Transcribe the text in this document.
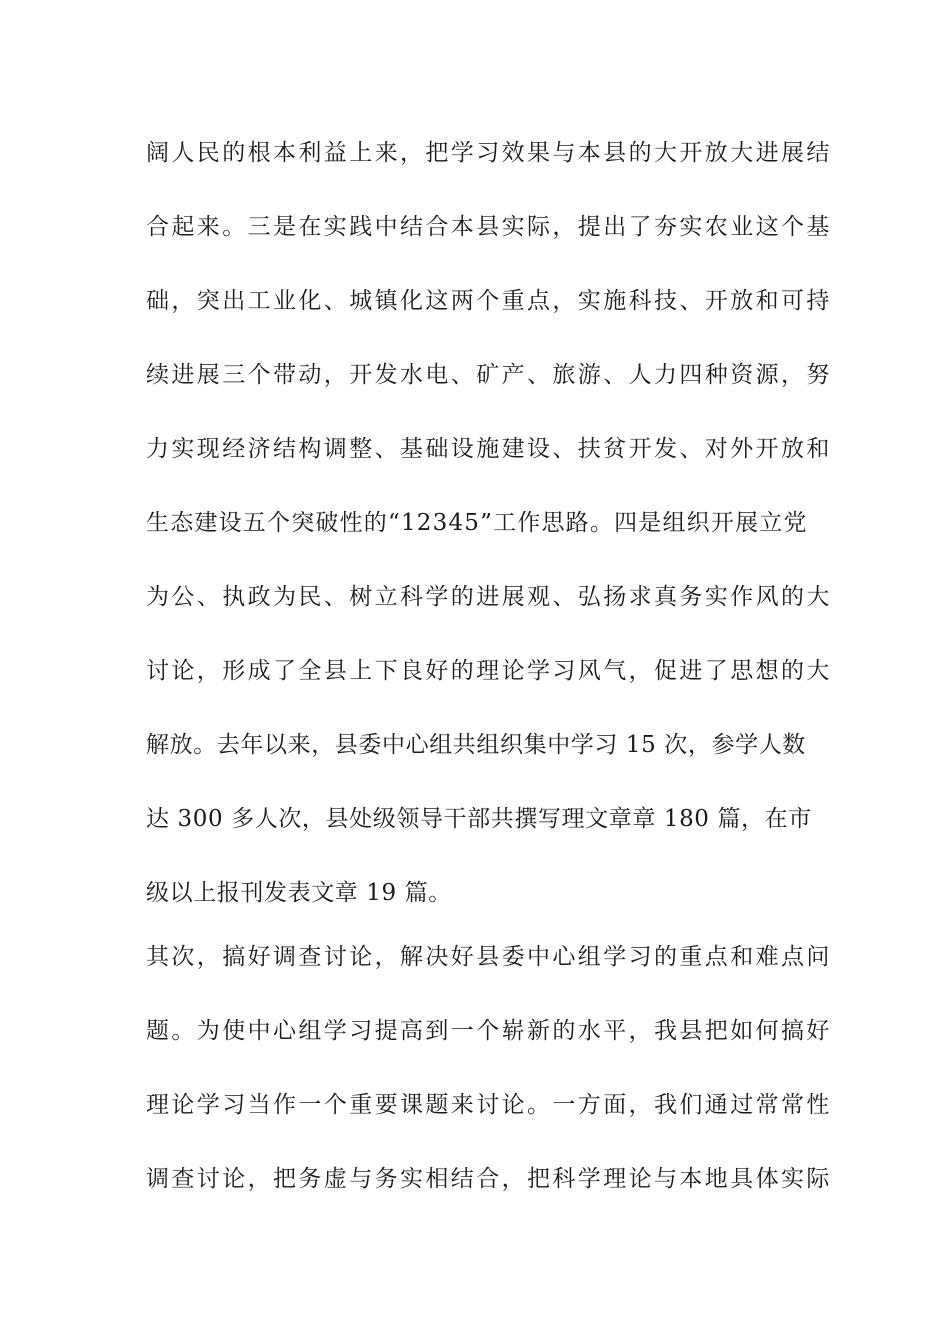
阔人民的根本利益上来，把学习效果与本县的大开放大进展结
合起来。三是在实践中结合本县实际，提出了夯实农业这个基
础，突出工业化、城镇化这两个重点，实施科技、开放和可持
续进展三个带动，开发水电、矿产、旅游、人力四种资源，努
力实现经济结构调整、基础设施建设、扶贫开发、对外开放和
生态建设五个突破性的“12345”工作思路。四是组织开展立党
为公、执政为民、树立科学的进展观、弘扬求真务实作风的大
讨论，形成了全县上下良好的理论学习风气，促进了思想的大
解放。去年以来，县委中心组共组织集中学习 15 次，参学人数
达 300 多人次，县处级领导干部共撰写理文章章 180 篇，在市
级以上报刊发表文章 19 篇。
其次，搞好调查讨论，解决好县委中心组学习的重点和难点问
题。为使中心组学习提高到一个崭新的水平，我县把如何搞好
理论学习当作一个重要课题来讨论。一方面，我们通过常常性
调查讨论，把务虚与务实相结合，把科学理论与本地具体实际
